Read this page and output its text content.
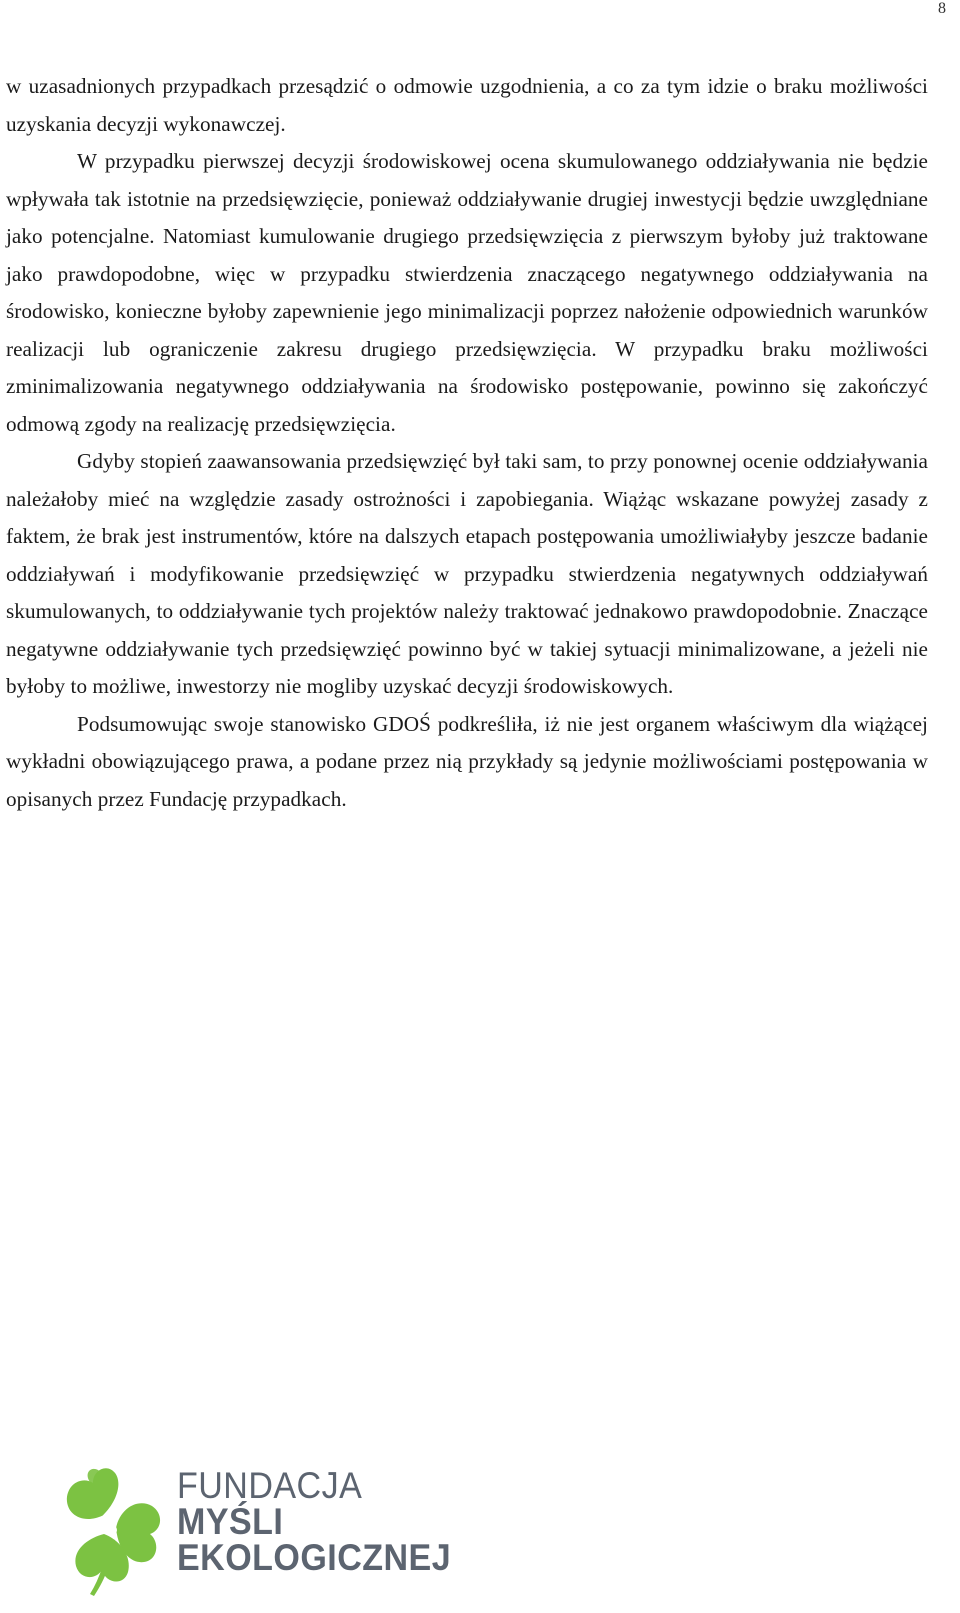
8

w uzasadnionych przypadkach przesądzić o odmowie uzgodnienia, a co za tym idzie o braku możliwości uzyskania decyzji wykonawczej.

W przypadku pierwszej decyzji środowiskowej ocena skumulowanego oddziaływania nie będzie wpływała tak istotnie na przedsięwzięcie, ponieważ oddziaływanie drugiej inwestycji będzie uwzględniane jako potencjalne. Natomiast kumulowanie drugiego przedsięwzięcia z pierwszym byłoby już traktowane jako prawdopodobne, więc w przypadku stwierdzenia znaczącego negatywnego oddziaływania na środowisko, konieczne byłoby zapewnienie jego minimalizacji poprzez nałożenie odpowiednich warunków realizacji lub ograniczenie zakresu drugiego przedsięwzięcia. W przypadku braku możliwości zminimalizowania negatywnego oddziaływania na środowisko postępowanie, powinno się zakończyć odmową zgody na realizację przedsięwzięcia.

Gdyby stopień zaawansowania przedsięwzięć był taki sam, to przy ponownej ocenie oddziaływania należałoby mieć na względzie zasady ostrożności i zapobiegania. Wiążąc wskazane powyżej zasady z faktem, że brak jest instrumentów, które na dalszych etapach postępowania umożliwiałyby jeszcze badanie oddziaływań i modyfikowanie przedsięwzięć w przypadku stwierdzenia negatywnych oddziaływań skumulowanych, to oddziaływanie tych projektów należy traktować jednakowo prawdopodobnie. Znaczące negatywne oddziaływanie tych przedsięwzięć powinno być w takiej sytuacji minimalizowane, a jeżeli nie byłoby to możliwe, inwestorzy nie mogliby uzyskać decyzji środowiskowych.

Podsumowując swoje stanowisko GDOŚ podkreśliła, iż nie jest organem właściwym dla wiążącej wykładni obowiązującego prawa, a podane przez nią przykłady są jedynie możliwościami postępowania w opisanych przez Fundację przypadkach.

FUNDACJA
MYŚLI
EKOLOGICZNEJ
